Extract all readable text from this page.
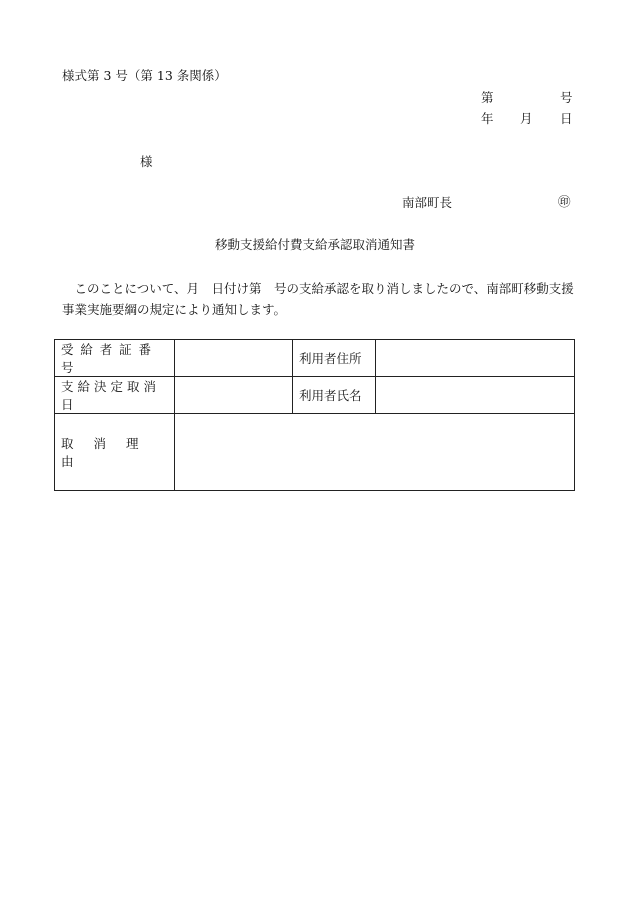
様式第 3 号（第 13 条関係）
第	号
年 月 日
様
南部町長	㊞
移動支援給付費支給承認取消通知書
このことについて、月　日付け第　号の支給承認を取り消しましたので、南部町移動支援事業実施要綱の規定により通知します。
受給者証番号		利用者住所	
支給決定取消日		利用者氏名	
取消理由			
